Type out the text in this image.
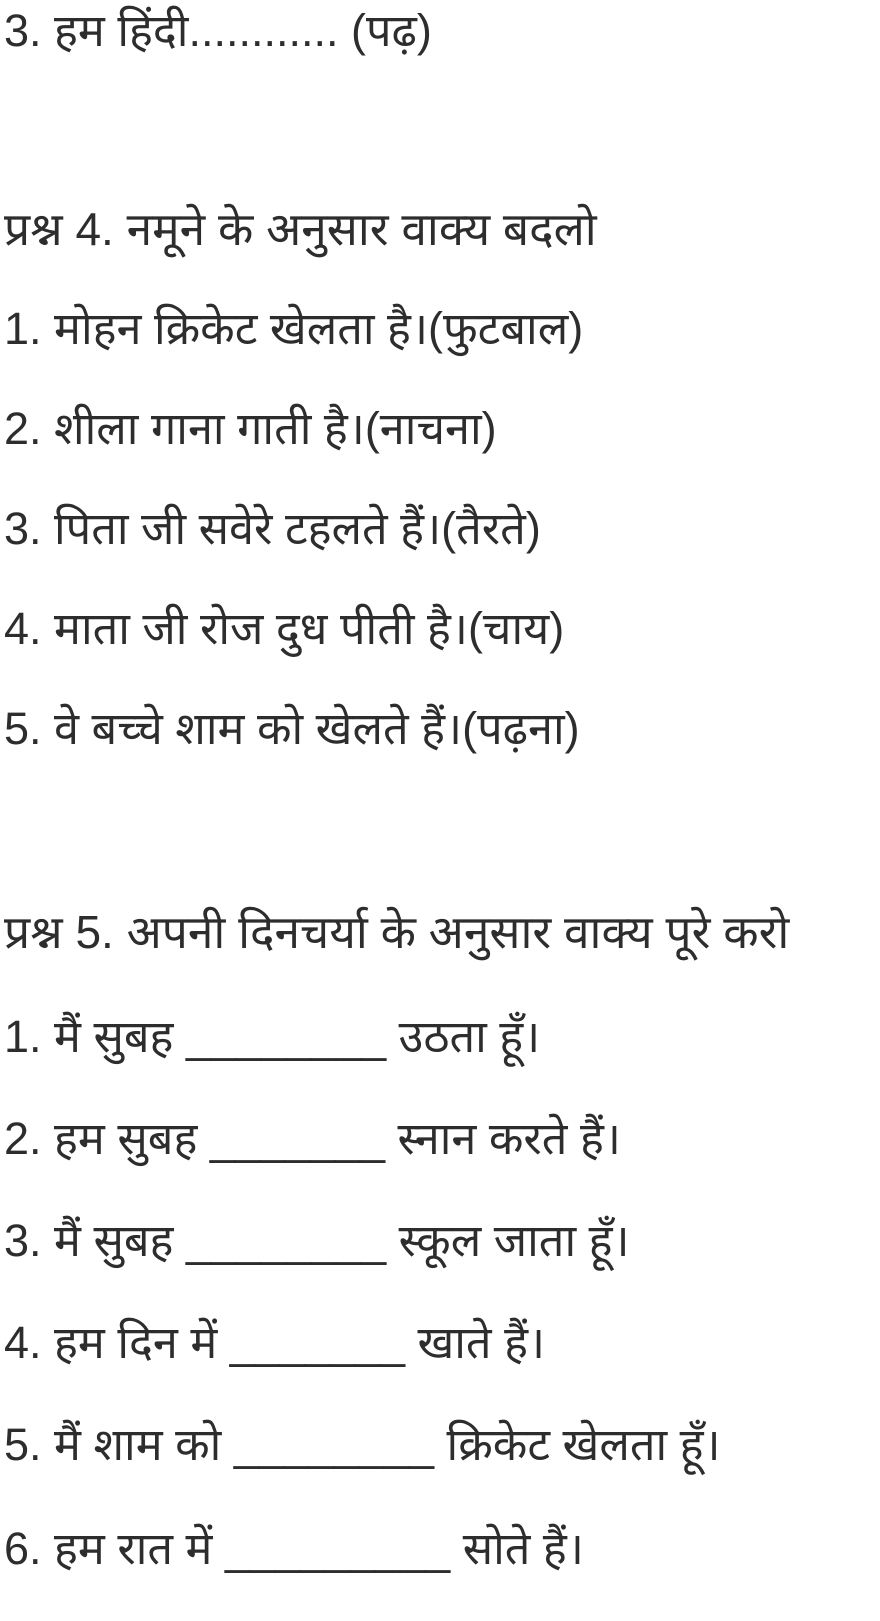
3. हम हिंदी............ (पढ़)
प्रश्न 4. नमूने के अनुसार वाक्य बदलो
1. मोहन क्रिकेट खेलता है।(फुटबाल)
2. शीला गाना गाती है।(नाचना)
3. पिता जी सवेरे टहलते हैं।(तैरते)
4. माता जी रोज दुध पीती है।(चाय)
5. वे बच्चे शाम को खेलते हैं।(पढ़ना)
प्रश्न 5. अपनी दिनचर्या के अनुसार वाक्य पूरे करो
1. मैं सुबह ________ उठता हूँ।
2. हम सुबह _______ स्नान करते हैं।
3. मैं सुबह ________ स्कूल जाता हूँ।
4. हम दिन में _______ खाते हैं।
5. मैं शाम को ________ क्रिकेट खेलता हूँ।
6. हम रात में _________ सोते हैं।
